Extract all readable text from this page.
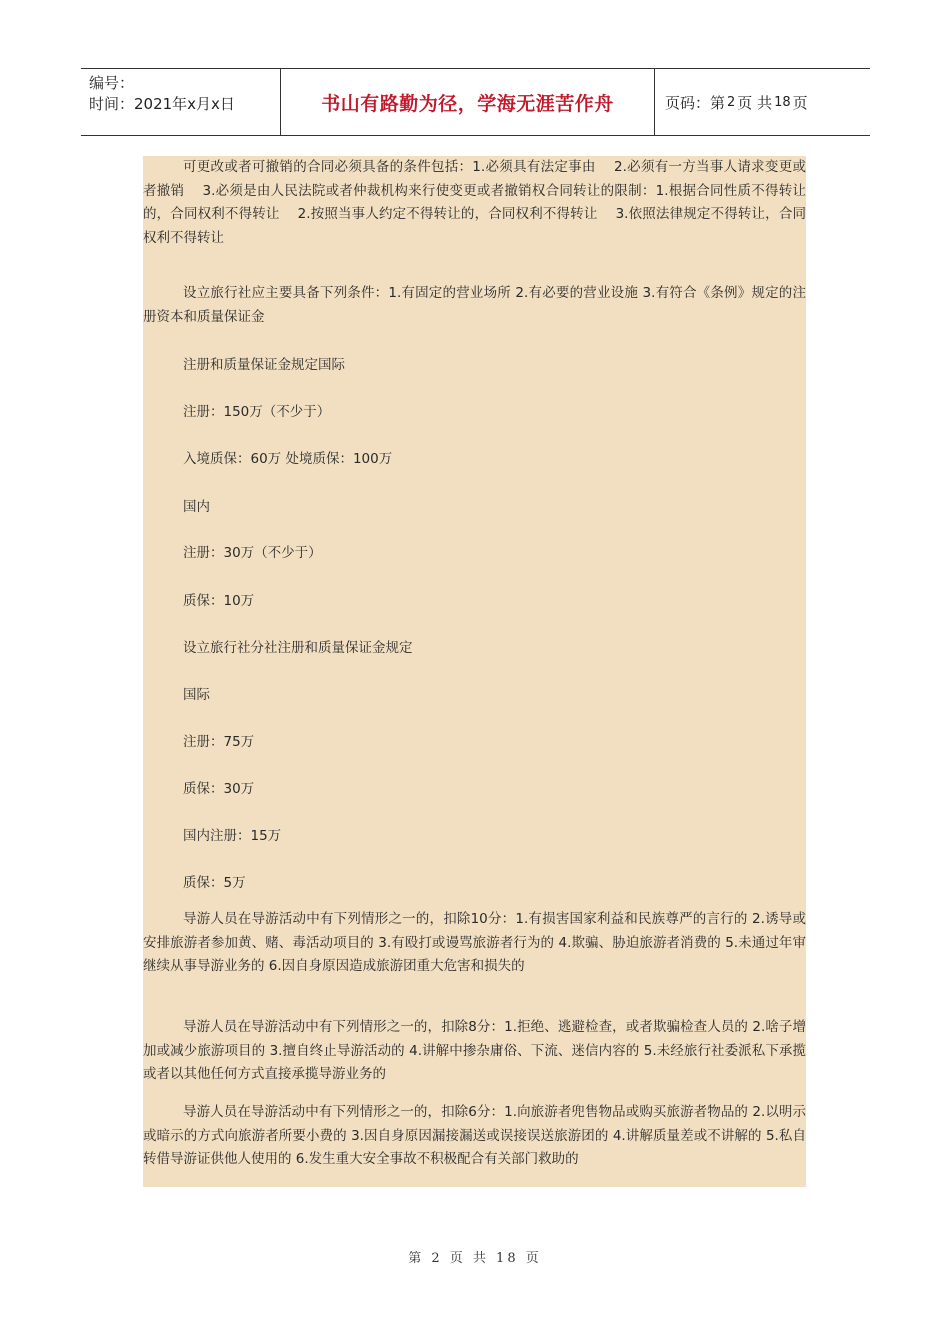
编号：
时间：2021年x月x日	书山有路勤为径，学海无涯苦作舟	页码：第 2 页 共 18 页
可更改或者可撤销的合同必须具备的条件包括：1.必须具有法定事由　 2.必须有一方当事人请求变更或者撤销　 3.必须是由人民法院或者仲裁机构来行使变更或者撤销权合同转让的限制：1.根据合同性质不得转让的，合同权利不得转让　 2.按照当事人约定不得转让的，合同权利不得转让　 3.依照法律规定不得转让，合同权利不得转让
设立旅行社应主要具备下列条件：1.有固定的营业场所 2.有必要的营业设施 3.有符合《条例》规定的注册资本和质量保证金
注册和质量保证金规定国际
注册：150万（不少于）
入境质保：60万 处境质保：100万
国内
注册：30万（不少于）
质保：10万
设立旅行社分社注册和质量保证金规定
国际
注册：75万
质保：30万
国内注册：15万
质保：5万
导游人员在导游活动中有下列情形之一的，扣除10分：1.有损害国家利益和民族尊严的言行的 2.诱导或安排旅游者参加黄、赌、毒活动项目的 3.有殴打或谩骂旅游者行为的 4.欺骗、胁迫旅游者消费的 5.未通过年审继续从事导游业务的 6.因自身原因造成旅游团重大危害和损失的
导游人员在导游活动中有下列情形之一的，扣除8分：1.拒绝、逃避检查，或者欺骗检查人员的 2.啥子增加或减少旅游项目的 3.擅自终止导游活动的 4.讲解中掺杂庸俗、下流、迷信内容的 5.未经旅行社委派私下承揽或者以其他任何方式直接承揽导游业务的
导游人员在导游活动中有下列情形之一的，扣除6分：1.向旅游者兜售物品或购买旅游者物品的 2.以明示或暗示的方式向旅游者所要小费的 3.因自身原因漏接漏送或误接误送旅游团的 4.讲解质量差或不讲解的 5.私自转借导游证供他人使用的 6.发生重大安全事故不积极配合有关部门救助的
第 2 页 共 18 页
